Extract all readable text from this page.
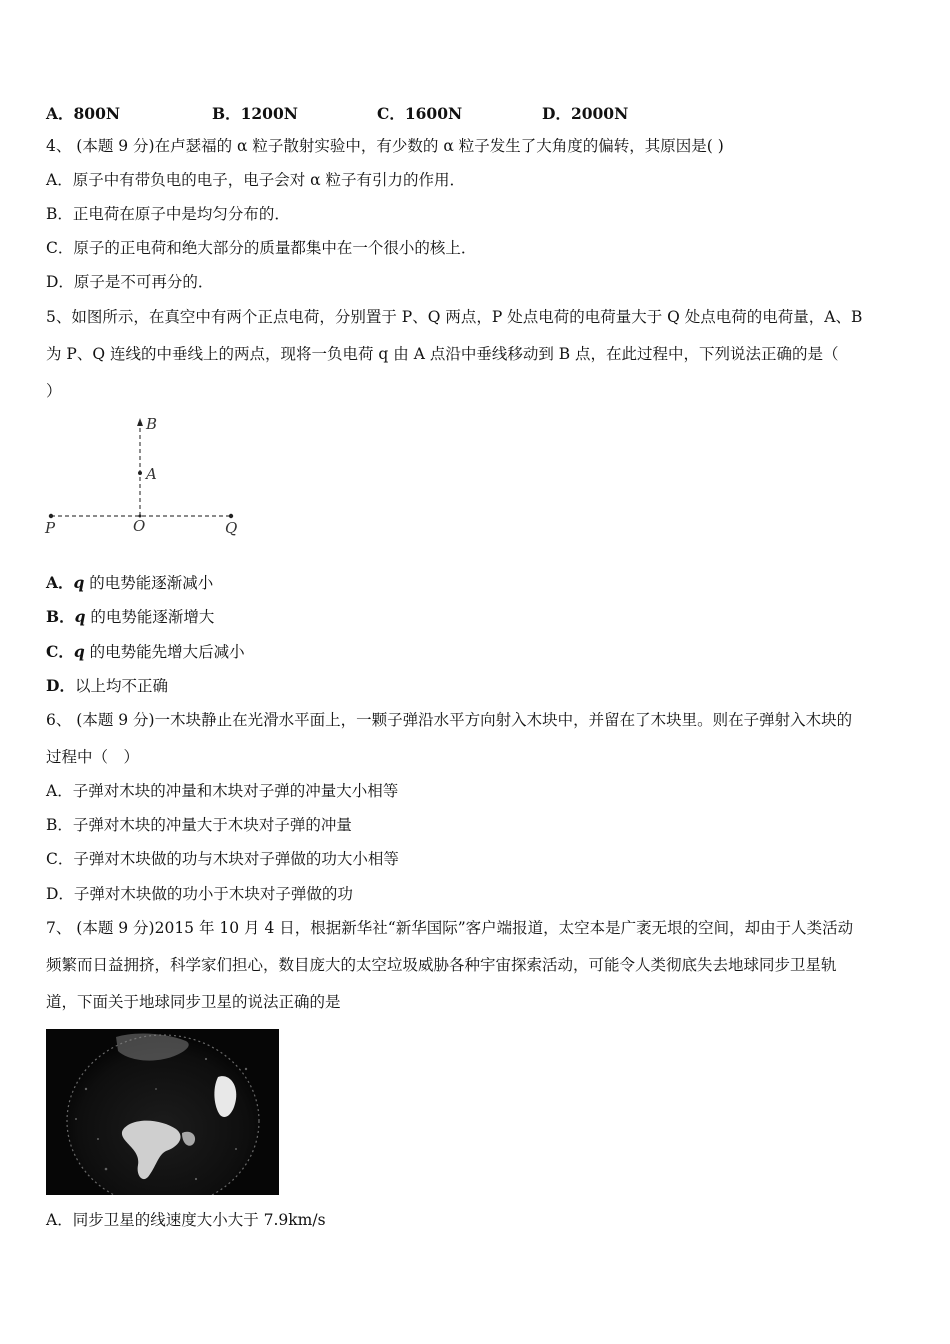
A．800N	B．1200N	C．1600N	D．2000N
4、 (本题 9 分)在卢瑟福的 α 粒子散射实验中，有少数的 α 粒子发生了大角度的偏转，其原因是( )
A．原子中有带负电的电子，电子会对 α 粒子有引力的作用．
B．正电荷在原子中是均匀分布的．
C．原子的正电荷和绝大部分的质量都集中在一个很小的核上．
D．原子是不可再分的．
5、如图所示，在真空中有两个正点电荷，分别置于 P、Q 两点，P 处点电荷的电荷量大于 Q 处点电荷的电荷量，A、B
为 P、Q 连线的中垂线上的两点，现将一负电荷 q 由 A 点沿中垂线移动到 B 点，在此过程中，下列说法正确的是（
）
B
A
P	O	Q
A．q 的电势能逐渐减小
B．q 的电势能逐渐增大
C．q 的电势能先增大后减小
D．以上均不正确
6、 (本题 9 分)一木块静止在光滑水平面上，一颗子弹沿水平方向射入木块中，并留在了木块里。则在子弹射入木块的
过程中（　）
A．子弹对木块的冲量和木块对子弹的冲量大小相等
B．子弹对木块的冲量大于木块对子弹的冲量
C．子弹对木块做的功与木块对子弹做的功大小相等
D．子弹对木块做的功小于木块对子弹做的功
7、 (本题 9 分)2015 年 10 月 4 日，根据新华社“新华国际”客户端报道，太空本是广袤无垠的空间，却由于人类活动
频繁而日益拥挤，科学家们担心，数目庞大的太空垃圾威胁各种宇宙探索活动，可能令人类彻底失去地球同步卫星轨
道，下面关于地球同步卫星的说法正确的是
A．同步卫星的线速度大小大于 7.9km/s
